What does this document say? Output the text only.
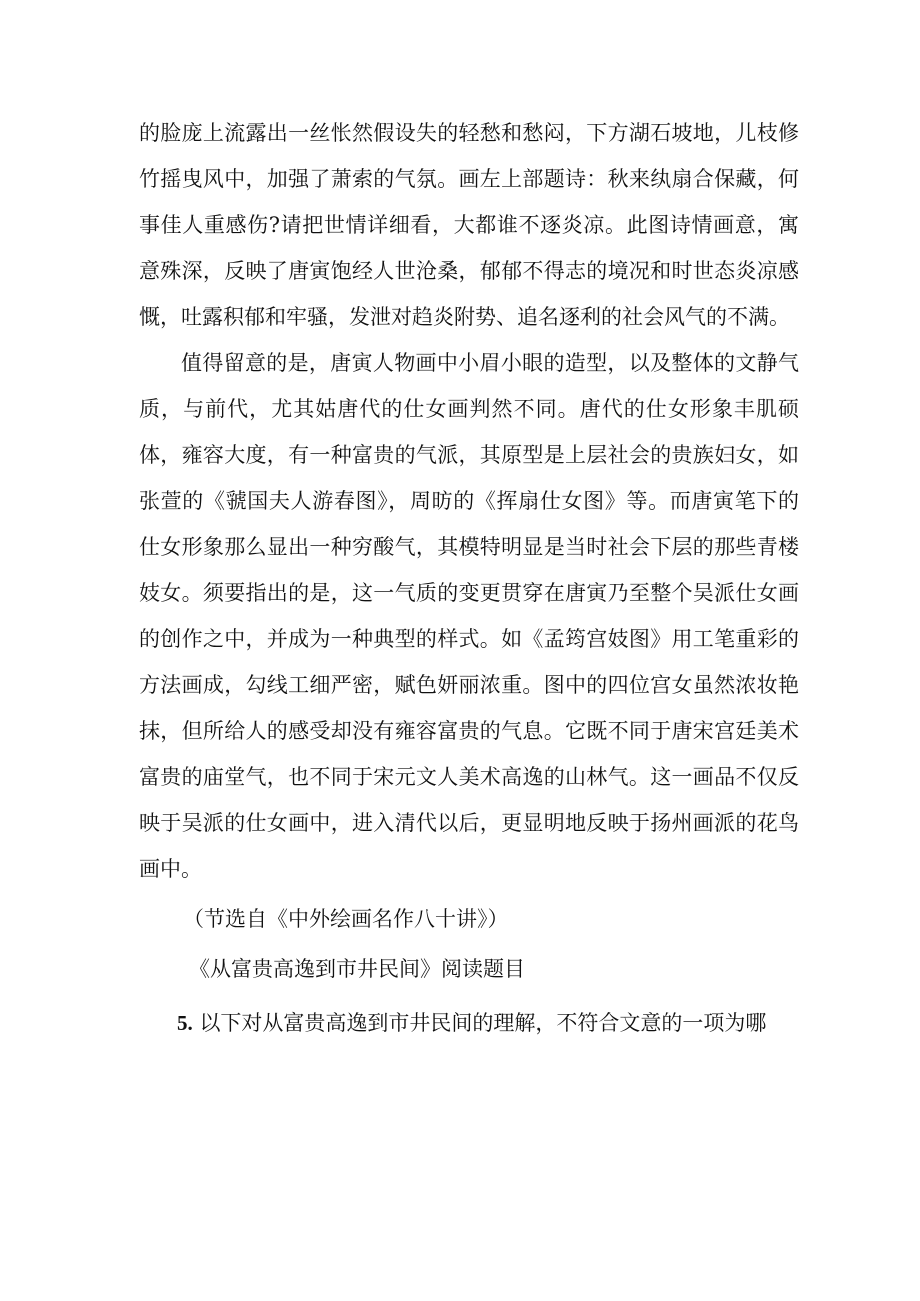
的脸庞上流露出一丝怅然假设失的轻愁和愁闷，下方湖石坡地，儿枝修竹摇曳风中，加强了萧索的气氛。画左上部题诗：秋来纨扇合保藏，何事佳人重感伤?请把世情详细看，大都谁不逐炎凉。此图诗情画意，寓意殊深，反映了唐寅饱经人世沧桑，郁郁不得志的境况和时世态炎凉感慨，吐露积郁和牢骚，发泄对趋炎附势、追名逐利的社会风气的不满。

值得留意的是，唐寅人物画中小眉小眼的造型，以及整体的文静气质，与前代，尤其姑唐代的仕女画判然不同。唐代的仕女形象丰肌硕体，雍容大度，有一种富贵的气派，其原型是上层社会的贵族妇女，如张萱的《虢国夫人游春图》，周昉的《挥扇仕女图》等。而唐寅笔下的仕女形象那么显出一种穷酸气，其模特明显是当时社会下层的那些青楼妓女。须要指出的是，这一气质的变更贯穿在唐寅乃至整个吴派仕女画的创作之中，并成为一种典型的样式。如《孟筠宫妓图》用工笔重彩的方法画成，勾线工细严密，赋色妍丽浓重。图中的四位宫女虽然浓妆艳抹，但所给人的感受却没有雍容富贵的气息。它既不同于唐宋宫廷美术富贵的庙堂气，也不同于宋元文人美术高逸的山林气。这一画品不仅反映于吴派的仕女画中，进入清代以后，更显明地反映于扬州画派的花鸟画中。

（节选自《中外绘画名作八十讲》）

《从富贵高逸到市井民间》阅读题目

5. 以下对从富贵高逸到市井民间的理解，不符合文意的一项为哪
